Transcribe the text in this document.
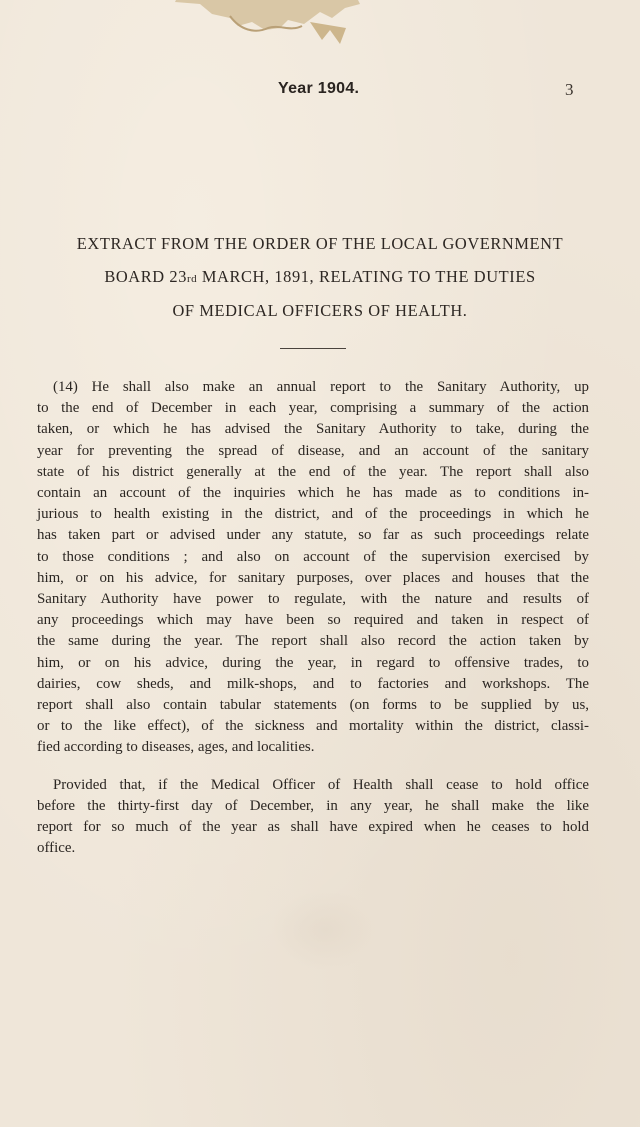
Year 1904.	3
EXTRACT FROM THE ORDER OF THE LOCAL GOVERNMENT
BOARD 23rd MARCH, 1891, RELATING TO THE DUTIES
OF MEDICAL OFFICERS OF HEALTH.
(14) He shall also make an annual report to the Sanitary Authority, up
to the end of December in each year, comprising a summary of the action
taken, or which he has advised the Sanitary Authority to take, during the
year for preventing the spread of disease, and an account of the sanitary
state of his district generally at the end of the year. The report shall also
contain an account of the inquiries which he has made as to conditions in-
jurious to health existing in the district, and of the proceedings in which he
has taken part or advised under any statute, so far as such proceedings relate
to those conditions ; and also on account of the supervision exercised by
him, or on his advice, for sanitary purposes, over places and houses that the
Sanitary Authority have power to regulate, with the nature and results of
any proceedings which may have been so required and taken in respect of
the same during the year. The report shall also record the action taken by
him, or on his advice, during the year, in regard to offensive trades, to
dairies, cow sheds, and milk-shops, and to factories and workshops. The
report shall also contain tabular statements (on forms to be supplied by us,
or to the like effect), of the sickness and mortality within the district, classi-
fied according to diseases, ages, and localities.
Provided that, if the Medical Officer of Health shall cease to hold office
before the thirty-first day of December, in any year, he shall make the like
report for so much of the year as shall have expired when he ceases to hold
office.
